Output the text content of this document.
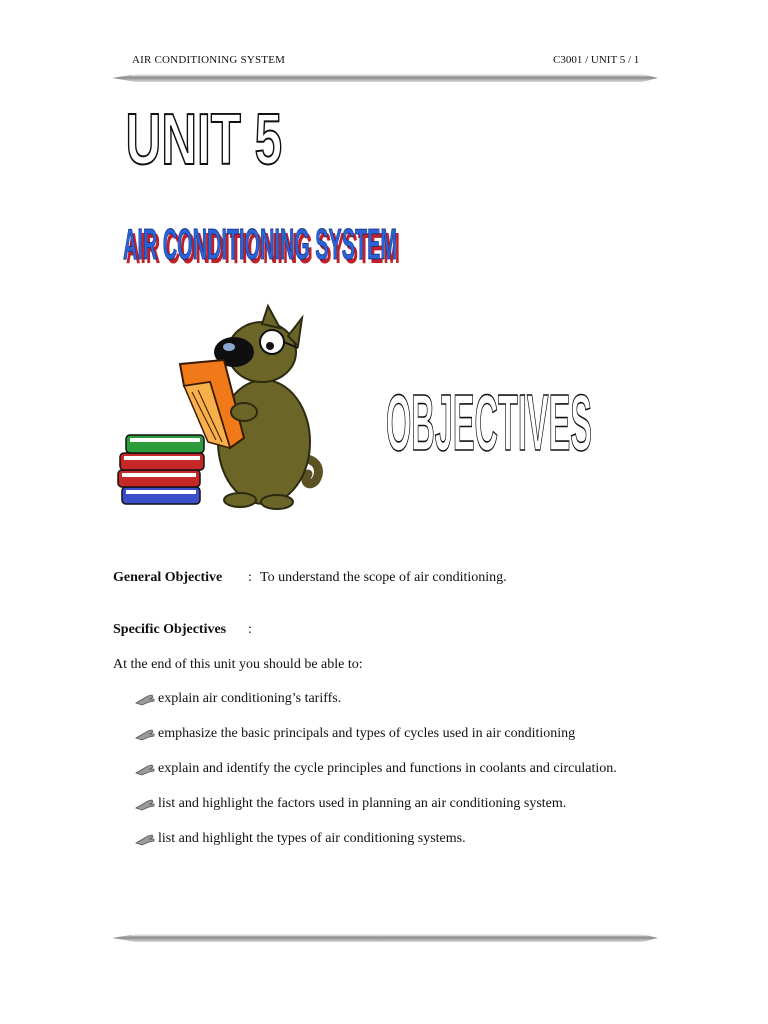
AIR CONDITIONING SYSTEM	C3001 / UNIT 5 / 1
UNIT 5
AIR CONDITIONING SYSTEM
AIR CONDITIONING SYSTEM
OBJECTIVES
General Objective : To understand the scope of air conditioning.
Specific Objectives :
At the end of this unit you should be able to:
explain air conditioning’s tariffs.
emphasize the basic principals and types of cycles used in air conditioning
explain and identify the cycle principles and functions in coolants and circulation.
list and highlight the factors used in planning an air conditioning system.
list and highlight the types of air conditioning systems.
